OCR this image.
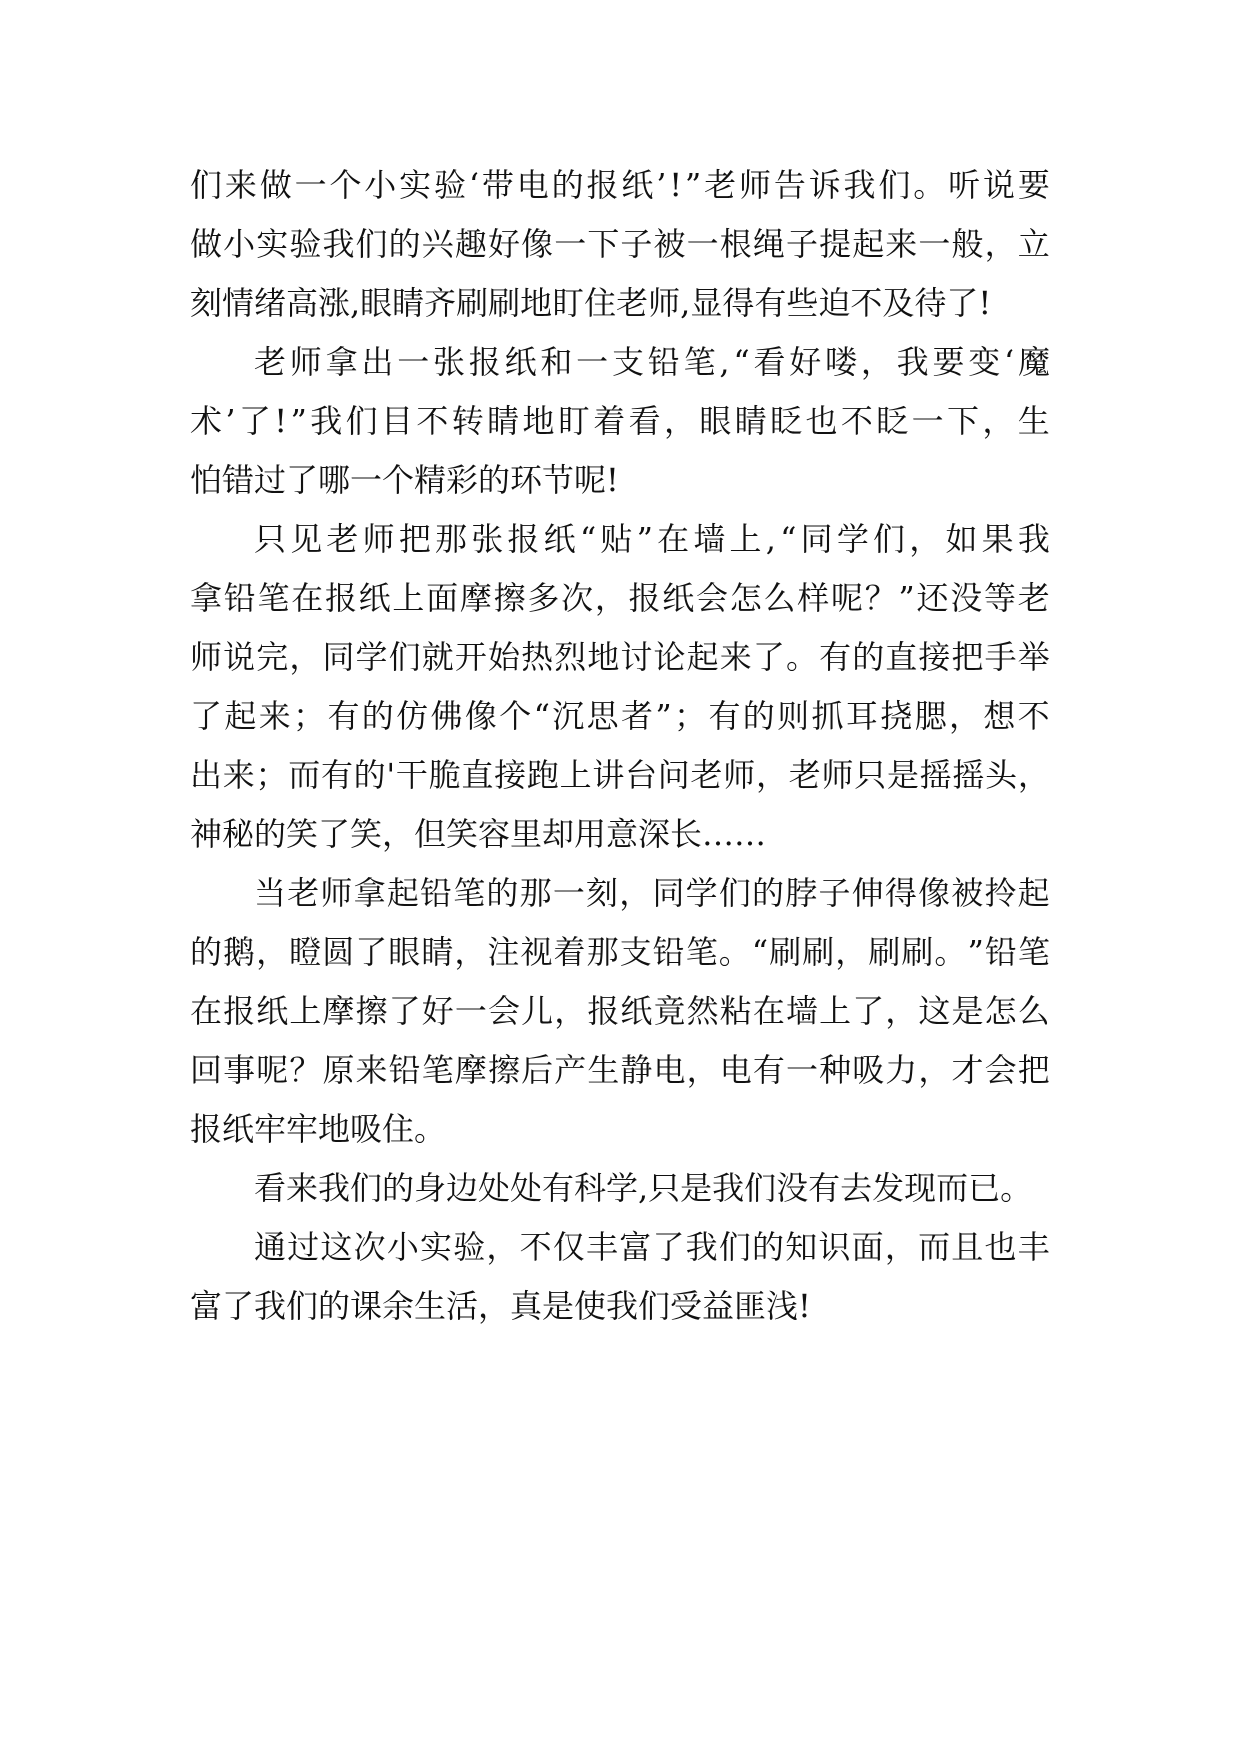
们 来 做 一 个 小 实 验 ‘ 带 电 的 报 纸 ’ ! ” 老 师 告 诉 我 们 。 听 说 要
做 小 实 验 我 们 的 兴 趣 好 像 一 下 子 被 一 根 绳 子 提 起 来 一 般 ， 立
刻情绪高涨,眼睛齐刷刷地盯住老师,显得有些迫不及待了!
老 师 拿 出 一 张 报 纸 和 一 支 铅 笔 , “ 看 好 喽 ， 我 要 变 ‘ 魔
术 ’ 了 ! ” 我 们 目 不 转 睛 地 盯 着 看 ， 眼 睛 眨 也 不 眨 一 下 ， 生
怕错过了哪一个精彩的环节呢!
只 见 老 师 把 那 张 报 纸 “ 贴 ” 在 墙 上 , “ 同 学 们 ， 如 果 我
拿 铅 笔 在 报 纸 上 面 摩 擦 多 次 ， 报 纸 会 怎 么 样 呢 ？ ” 还 没 等 老
师 说 完 ， 同 学 们 就 开 始 热 烈 地 讨 论 起 来 了 。 有 的 直 接 把 手 举
了 起 来 ； 有 的 仿 佛 像 个 “ 沉 思 者 ” ； 有 的 则 抓 耳 挠 腮 ， 想 不
出 来 ； 而 有 的 ' 干 脆 直 接 跑 上 讲 台 问 老 师 ， 老 师 只 是 摇 摇 头 ，
神秘的笑了笑，但笑容里却用意深长……
当 老 师 拿 起 铅 笔 的 那 一 刻 ， 同 学 们 的 脖 子 伸 得 像 被 拎 起
的 鹅 ， 瞪 圆 了 眼 睛 ， 注 视 着 那 支 铅 笔 。 “ 刷 刷 ， 刷 刷 。 ” 铅 笔
在 报 纸 上 摩 擦 了 好 一 会 儿 ， 报 纸 竟 然 粘 在 墙 上 了 ， 这 是 怎 么
回 事 呢 ？ 原 来 铅 笔 摩 擦 后 产 生 静 电 ， 电 有 一 种 吸 力 ， 才 会 把
报纸牢牢地吸住。
看来我们的身边处处有科学,只是我们没有去发现而已。
通 过 这 次 小 实 验 ， 不 仅 丰 富 了 我 们 的 知 识 面 ， 而 且 也 丰
富了我们的课余生活，真是使我们受益匪浅!
